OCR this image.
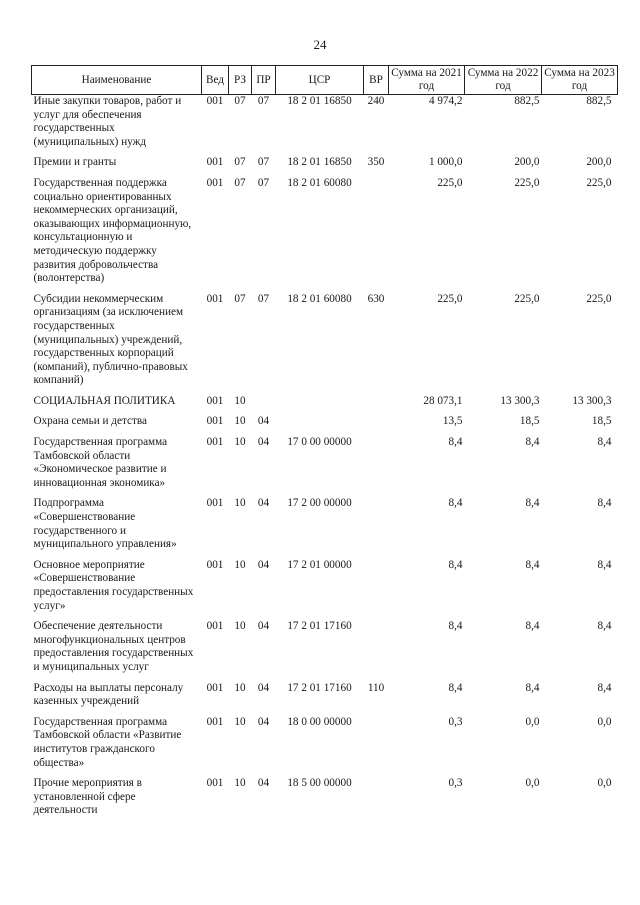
24
Наименование	Вед	РЗ	ПР	ЦСР	ВР	Сумма на 2021 год	Сумма на 2022 год	Сумма на 2023 год
Иные закупки товаров, работ и услуг для обеспечения государственных (муниципальных) нужд	001	07	07	18 2 01 16850	240	4 974,2	882,5	882,5
Премии и гранты	001	07	07	18 2 01 16850	350	1 000,0	200,0	200,0
Государственная поддержка социально ориентированных некоммерческих организаций, оказывающих информационную, консультационную и методическую поддержку развития добровольчества (волонтерства)	001	07	07	18 2 01 60080		225,0	225,0	225,0
Субсидии некоммерческим организациям (за исключением государственных (муниципальных) учреждений, государственных корпораций (компаний), публично-правовых компаний)	001	07	07	18 2 01 60080	630	225,0	225,0	225,0
СОЦИАЛЬНАЯ ПОЛИТИКА	001	10				28 073,1	13 300,3	13 300,3
Охрана семьи и детства	001	10	04			13,5	18,5	18,5
Государственная программа Тамбовской области «Экономическое развитие и инновационная экономика»	001	10	04	17 0 00 00000		8,4	8,4	8,4
Подпрограмма «Совершенствование государственного и муниципального управления»	001	10	04	17 2 00 00000		8,4	8,4	8,4
Основное мероприятие «Совершенствование предоставления государственных услуг»	001	10	04	17 2 01 00000		8,4	8,4	8,4
Обеспечение деятельности многофункциональных центров предоставления государственных и муниципальных услуг	001	10	04	17 2 01 17160		8,4	8,4	8,4
Расходы на выплаты персоналу казенных учреждений	001	10	04	17 2 01 17160	110	8,4	8,4	8,4
Государственная программа Тамбовской области «Развитие институтов гражданского общества»	001	10	04	18 0 00 00000		0,3	0,0	0,0
Прочие мероприятия в установленной сфере деятельности	001	10	04	18 5 00 00000		0,3	0,0	0,0
